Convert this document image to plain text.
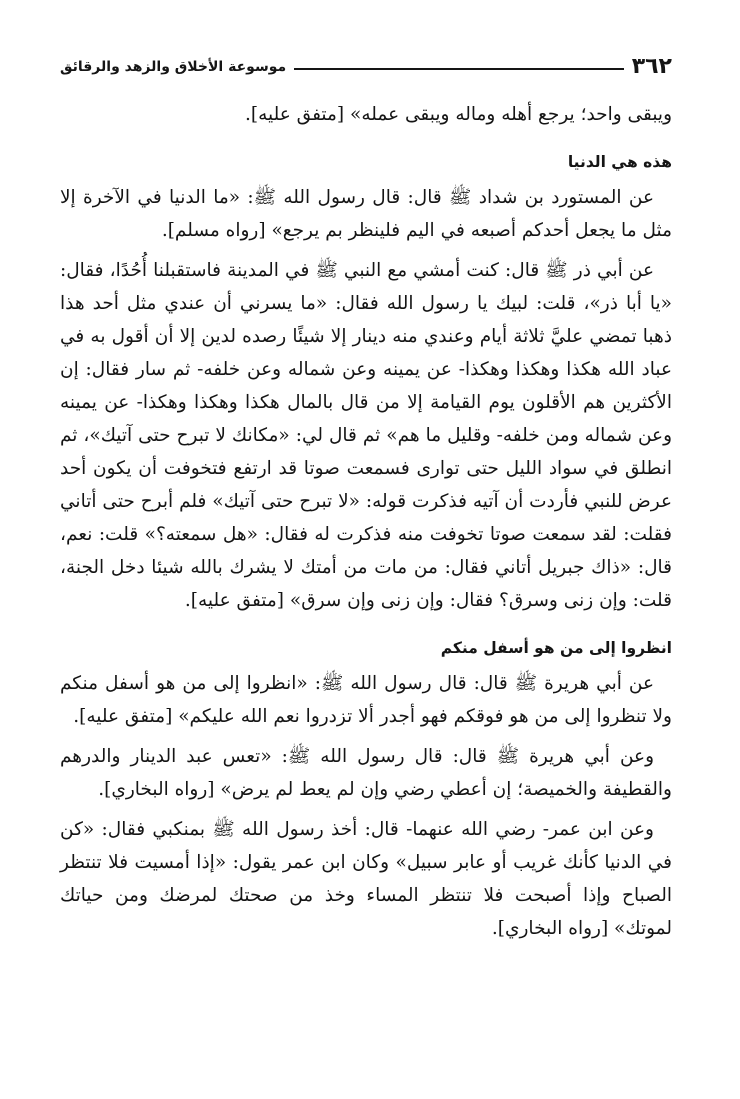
٣٦٢
موسوعة الأخلاق والزهد والرقائق

ويبقى واحد؛ يرجع أهله وماله ويبقى عمله» [متفق عليه].

هذه هي الدنيا

عن المستورد بن شداد ﷺ قال: قال رسول الله ﷺ: «ما الدنيا في الآخرة إلا مثل ما يجعل أحدكم أصبعه في اليم فلينظر بم يرجع» [رواه مسلم].

عن أبي ذر ﷺ قال: كنت أمشي مع النبي ﷺ في المدينة فاستقبلنا أُحُدًا، فقال: «يا أبا ذر»، قلت: لبيك يا رسول الله فقال: «ما يسرني أن عندي مثل أحد هذا ذهبا تمضي عليَّ ثلاثة أيام وعندي منه دينار إلا شيئًا رصده لدين إلا أن أقول به في عباد الله هكذا وهكذا وهكذا- عن يمينه وعن شماله وعن خلفه- ثم سار فقال: إن الأكثرين هم الأقلون يوم القيامة إلا من قال بالمال هكذا وهكذا وهكذا- عن يمينه وعن شماله ومن خلفه- وقليل ما هم» ثم قال لي: «مكانك لا تبرح حتى آتيك»، ثم انطلق في سواد الليل حتى توارى فسمعت صوتا قد ارتفع فتخوفت أن يكون أحد عرض للنبي فأردت أن آتيه فذكرت قوله: «لا تبرح حتى آتيك» فلم أبرح حتى أتاني فقلت: لقد سمعت صوتا تخوفت منه فذكرت له فقال: «هل سمعته؟» قلت: نعم، قال: «ذاك جبريل أتاني فقال: من مات من أمتك لا يشرك بالله شيئا دخل الجنة، قلت: وإن زنى وسرق؟ فقال: وإن زنى وإن سرق» [متفق عليه].

انظروا إلى من هو أسفل منكم

عن أبي هريرة ﷺ قال: قال رسول الله ﷺ: «انظروا إلى من هو أسفل منكم ولا تنظروا إلى من هو فوقكم فهو أجدر ألا تزدروا نعم الله عليكم» [متفق عليه].

وعن أبي هريرة ﷺ قال: قال رسول الله ﷺ: «تعس عبد الدينار والدرهم والقطيفة والخميصة؛ إن أعطي رضي وإن لم يعط لم يرض» [رواه البخاري].

وعن ابن عمر- رضي الله عنهما- قال: أخذ رسول الله ﷺ بمنكبي فقال: «كن في الدنيا كأنك غريب أو عابر سبيل» وكان ابن عمر يقول: «إذا أمسيت فلا تنتظر الصباح وإذا أصبحت فلا تنتظر المساء وخذ من صحتك لمرضك ومن حياتك لموتك» [رواه البخاري].
